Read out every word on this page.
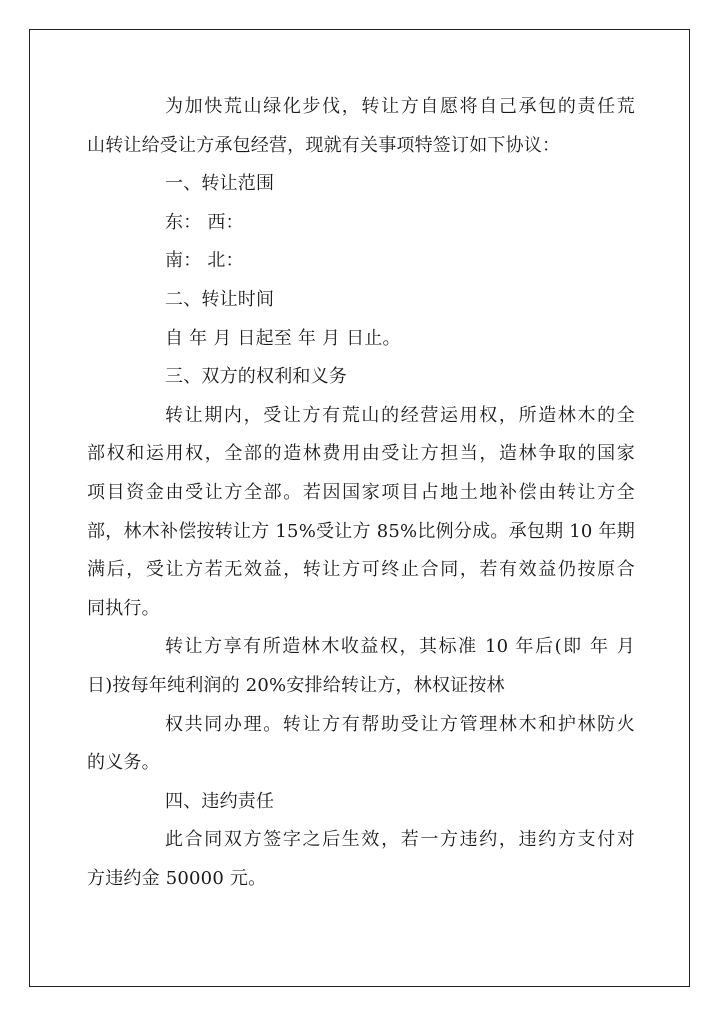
为加快荒山绿化步伐，转让方自愿将自己承包的责任荒
山转让给受让方承包经营，现就有关事项特签订如下协议：
一、转让范围
东： 西：
南： 北：
二、转让时间
自 年 月 日起至 年 月 日止。
三、双方的权利和义务
转让期内，受让方有荒山的经营运用权，所造林木的全
部权和运用权，全部的造林费用由受让方担当，造林争取的国家
项目资金由受让方全部。若因国家项目占地土地补偿由转让方全
部，林木补偿按转让方 15%受让方 85%比例分成。承包期 10 年期
满后，受让方若无效益，转让方可终止合同，若有效益仍按原合
同执行。
转让方享有所造林木收益权，其标准 10 年后(即 年 月
日)按每年纯利润的 20%安排给转让方，林权证按林
权共同办理。转让方有帮助受让方管理林木和护林防火
的义务。
四、违约责任
此合同双方签字之后生效，若一方违约，违约方支付对
方违约金 50000 元。
